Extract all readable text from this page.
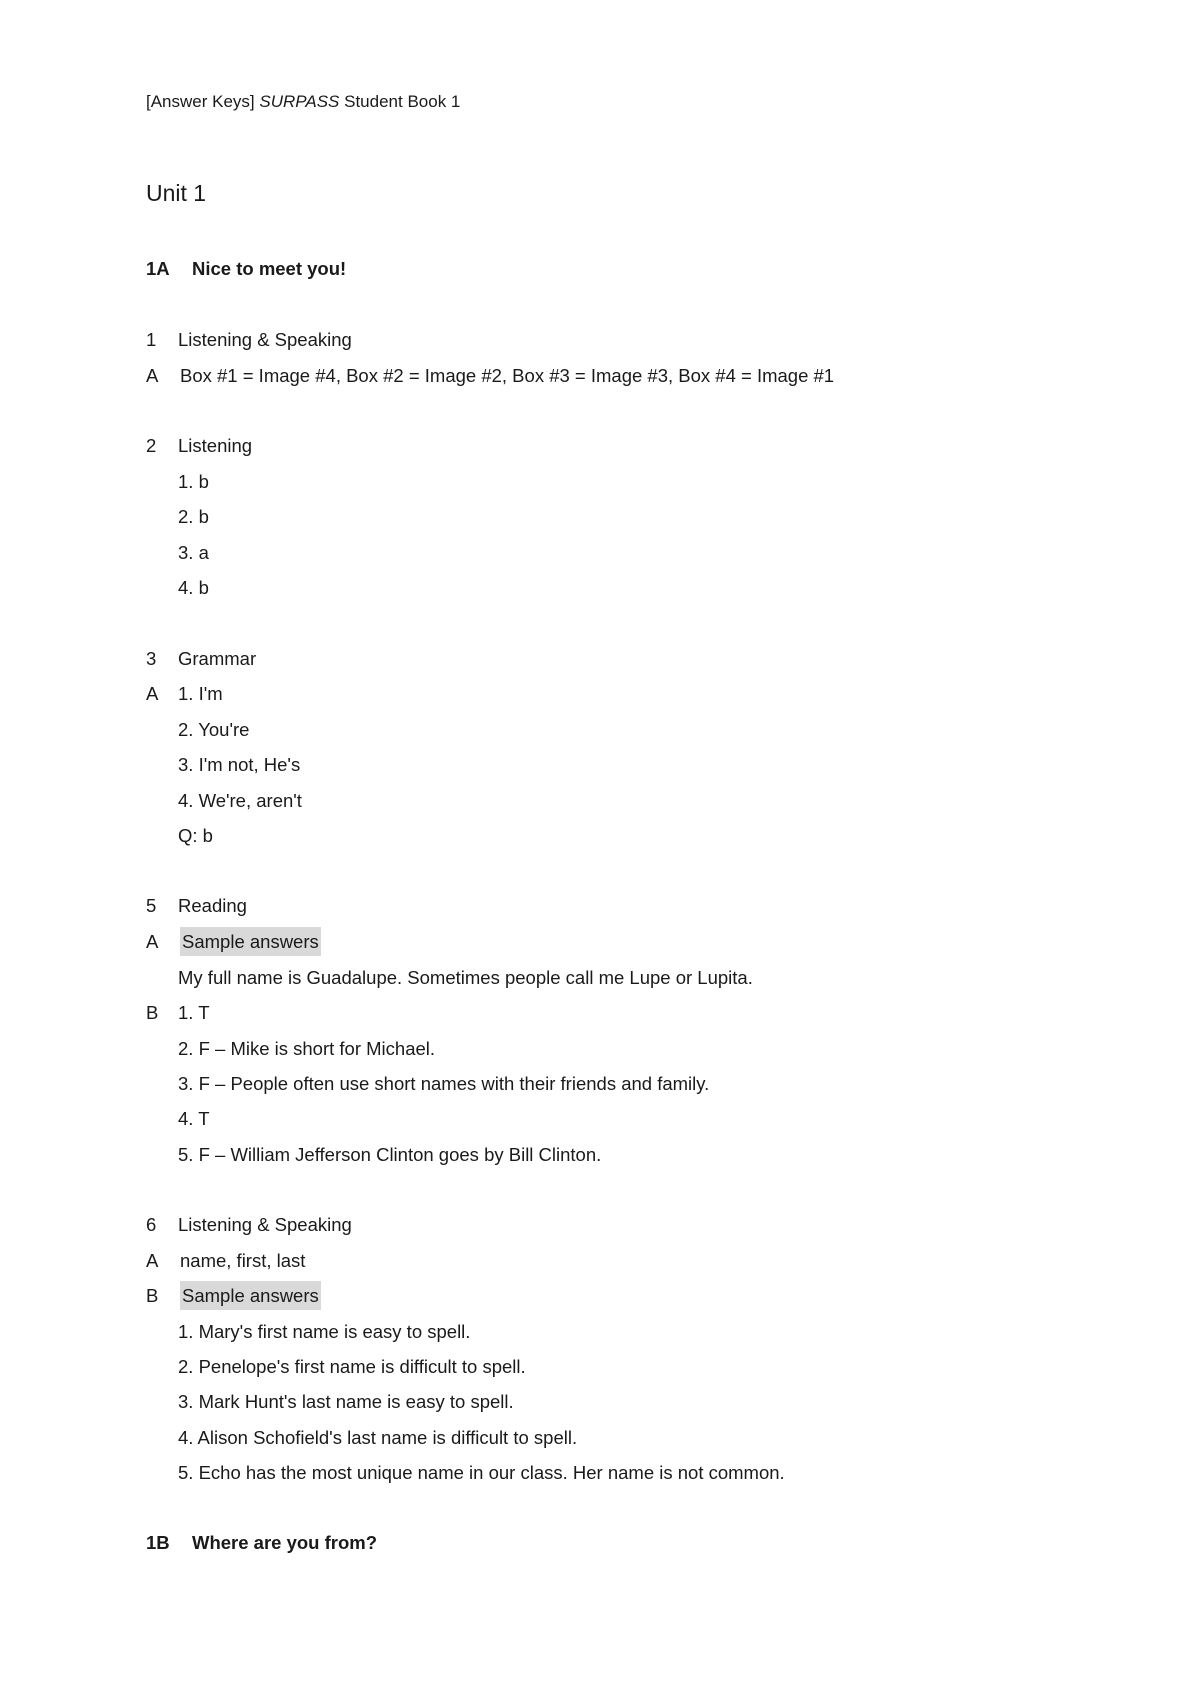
[Answer Keys] SURPASS Student Book 1
Unit 1
1A Nice to meet you!
1 Listening & Speaking
A Box #1 = Image #4, Box #2 = Image #2, Box #3 = Image #3, Box #4 = Image #1
2 Listening
1. b
2. b
3. a
4. b
3 Grammar
A 1. I'm
2. You're
3. I'm not, He's
4. We're, aren't
Q: b
5 Reading
A Sample answers
My full name is Guadalupe. Sometimes people call me Lupe or Lupita.
B 1. T
2. F – Mike is short for Michael.
3. F – People often use short names with their friends and family.
4. T
5. F – William Jefferson Clinton goes by Bill Clinton.
6 Listening & Speaking
A name, first, last
B Sample answers
1. Mary's first name is easy to spell.
2. Penelope's first name is difficult to spell.
3. Mark Hunt's last name is easy to spell.
4. Alison Schofield's last name is difficult to spell.
5. Echo has the most unique name in our class. Her name is not common.
1B Where are you from?
